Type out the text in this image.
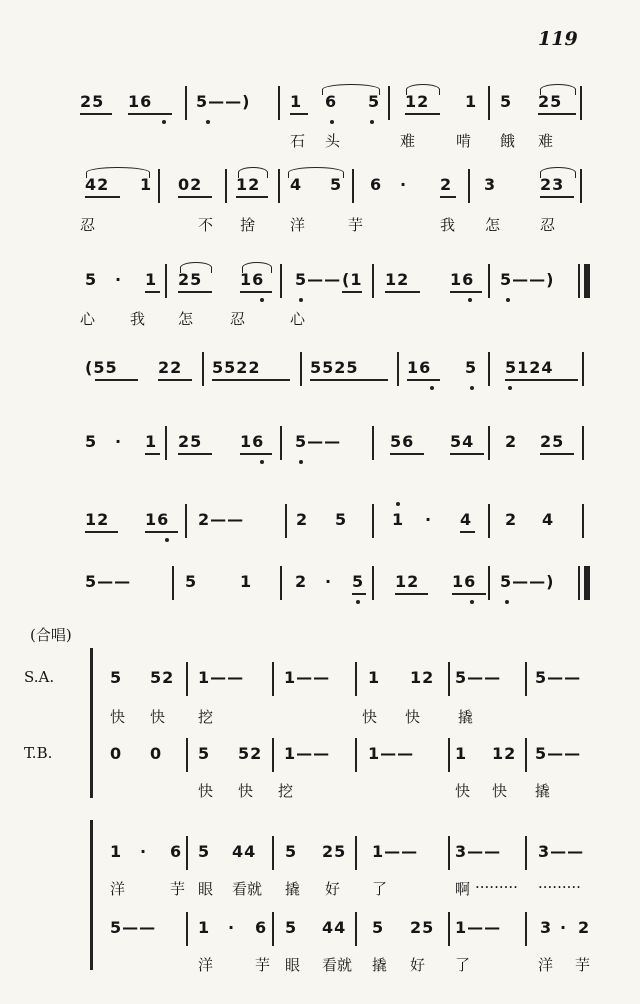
119
25 16	5——) 1 6 5 12 1 5 25
石 头	难	啃 餓 难
42 1 02 12 4 5 6 · 2 3	23
忍	不 捨 洋	芋	我 怎	忍
5 · 1 25 16 5—— (1 12	16 5——)
心 我 怎 忍	心
(55	22 5522	5525	16 5 5124
5 · 1 25 16 5——	56 54 2 25
12 16 2——	2 5	1 · 4 2 4
5——	5	1	2 · 5 12 16 5——)
(合唱)
S.A.
T.B.
5 52 1—— 1—— 1 12 5—— 5——
快 快 挖	快 快	撬
0 0 5 52 1—— 1——	1 12 5——
快 快 挖	快 快 撬
1 · 6 5 44 5 25 1—— 3—— 3——
洋	芋 眼 看就 撬 好 了	啊 ········· ·········
5——	1 · 6 5 44 5 25 1—— 3 · 2
洋	芋 眼 看就 撬 好 了	洋 芋
